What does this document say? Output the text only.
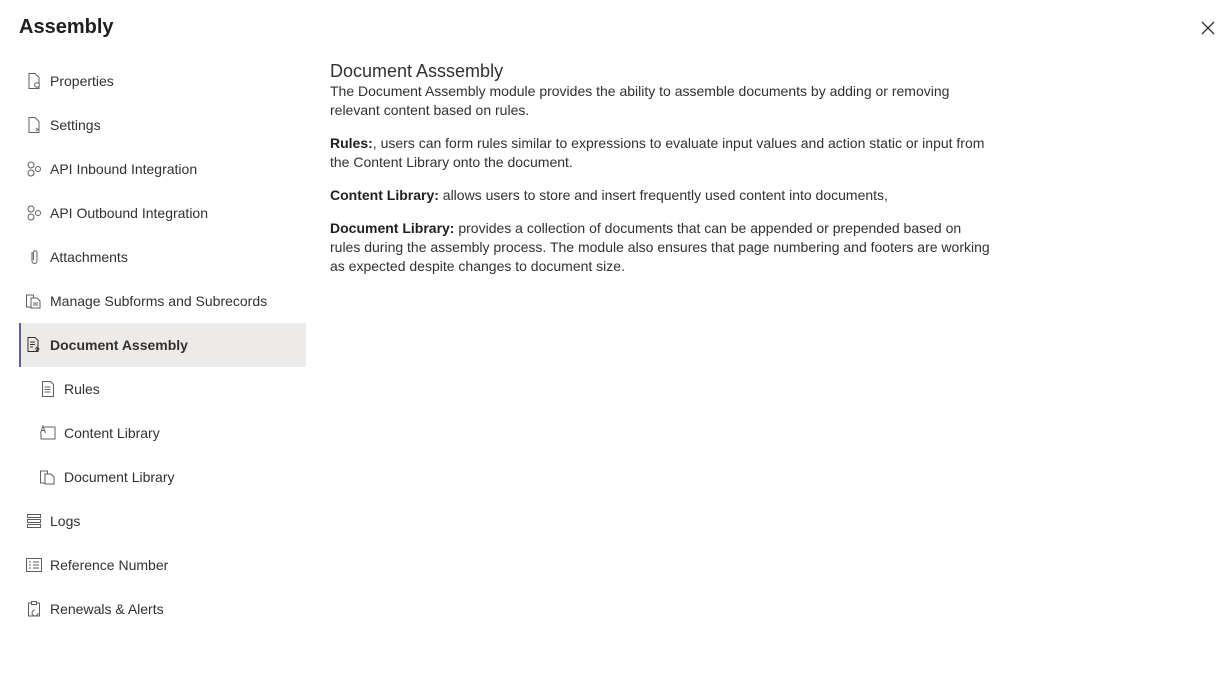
Assembly
Properties
Settings
API Inbound Integration
API Outbound Integration
Attachments
Manage Subforms and Subrecords
Document Assembly
Rules
Content Library
Document Library
Logs
Reference Number
Renewals & Alerts
Document Asssembly

The Document Assembly module provides the ability to assemble documents by adding or removing relevant content based on rules.

Rules:, users can form rules similar to expressions to evaluate input values and action static or input from the Content Library onto the document.

Content Library: allows users to store and insert frequently used content into documents,

Document Library: provides a collection of documents that can be appended or prepended based on rules during the assembly process. The module also ensures that page numbering and footers are working as expected despite changes to document size.
